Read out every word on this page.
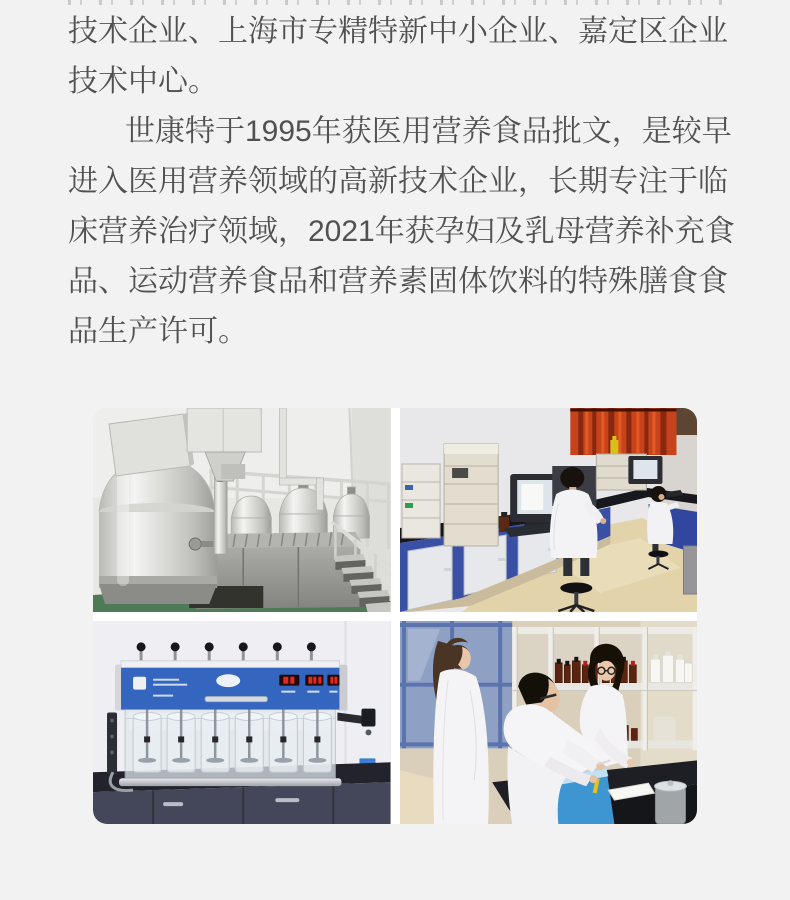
技术企业、上海市专精特新中小企业、嘉定区企业
技术中心。
世康特于1995年获医用营养食品批文，是较早
进入医用营养领域的高新技术企业，长期专注于临
床营养治疗领域，2021年获孕妇及乳母营养补充食
品、运动营养食品和营养素固体饮料的特殊膳食食
品生产许可。
